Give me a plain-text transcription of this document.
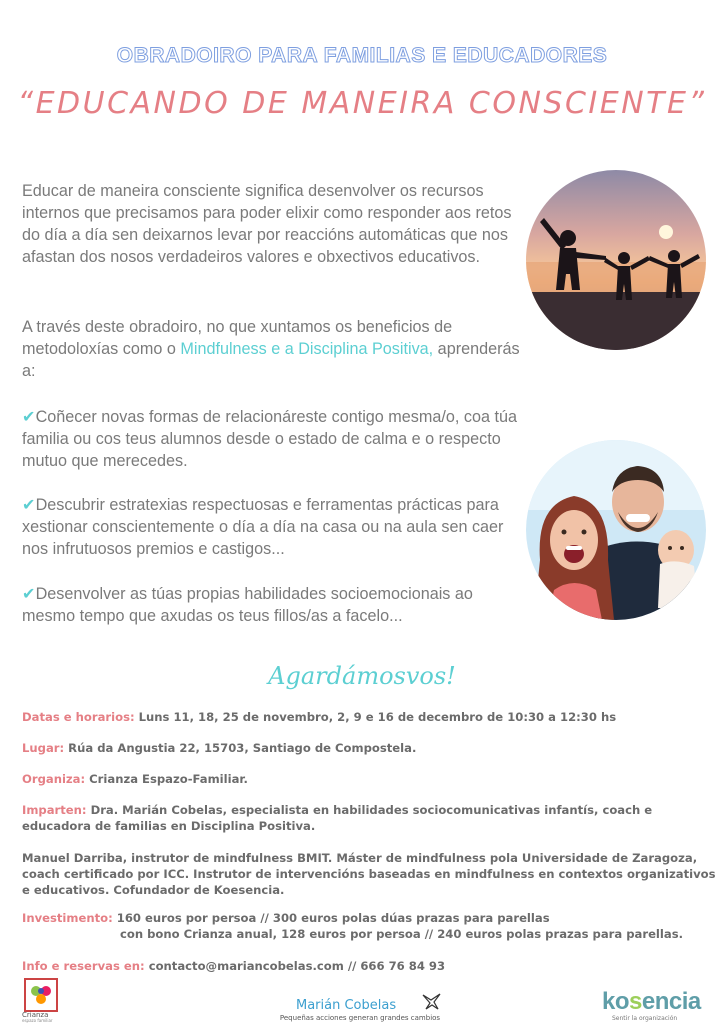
OBRADOIRO PARA FAMILIAS E EDUCADORES
“EDUCANDO DE MANEIRA CONSCIENTE”

Educar de maneira consciente significa desenvolver os recursos internos que precisamos para poder elixir como responder aos retos do día a día sen deixarnos levar por reaccións automáticas que nos afastan dos nosos verdadeiros valores e obxectivos educativos.

A través deste obradoiro, no que xuntamos os beneficios de metodoloxías como o Mindfulness e a Disciplina Positiva, aprenderás a:

✔Coñecer novas formas de relacionáreste contigo mesma/o, coa túa familia ou cos teus alumnos desde o estado de calma e o respecto mutuo que merecedes.

✔Descubrir estratexias respectuosas e ferramentas prácticas para xestionar conscientemente o día a día na casa ou na aula sen caer nos infrutuosos premios e castigos...

✔Desenvolver as túas propias habilidades socioemocionais ao mesmo tempo que axudas os teus fillos/as a facelo...

Agardámosvos!

Datas e horarios: Luns 11, 18, 25 de novembro, 2, 9 e 16 de decembro de 10:30 a 12:30 hs

Lugar: Rúa da Angustia 22, 15703, Santiago de Compostela.

Organiza: Crianza Espazo-Familiar.

Imparten: Dra. Marián Cobelas, especialista en habilidades sociocomunicativas infantís, coach e educadora de familias en Disciplina Positiva.

Manuel Darriba, instrutor de mindfulness BMIT. Máster de mindfulness pola Universidade de Zaragoza, coach certificado por ICC. Instrutor de intervencións baseadas en mindfulness en contextos organizativos e educativos. Cofundador de Koesencia.

Investimento: 160 euros por persoa // 300 euros polas dúas prazas para parellas
con bono Crianza anual, 128 euros por persoa // 240 euros polas prazas para parellas.

Info e reservas en: contacto@mariancobelas.com // 666 76 84 93

Crianza
espazo familiar
Marián Cobelas
Pequeñas acciones generan grandes cambios
kosencia
Sentir la organización
